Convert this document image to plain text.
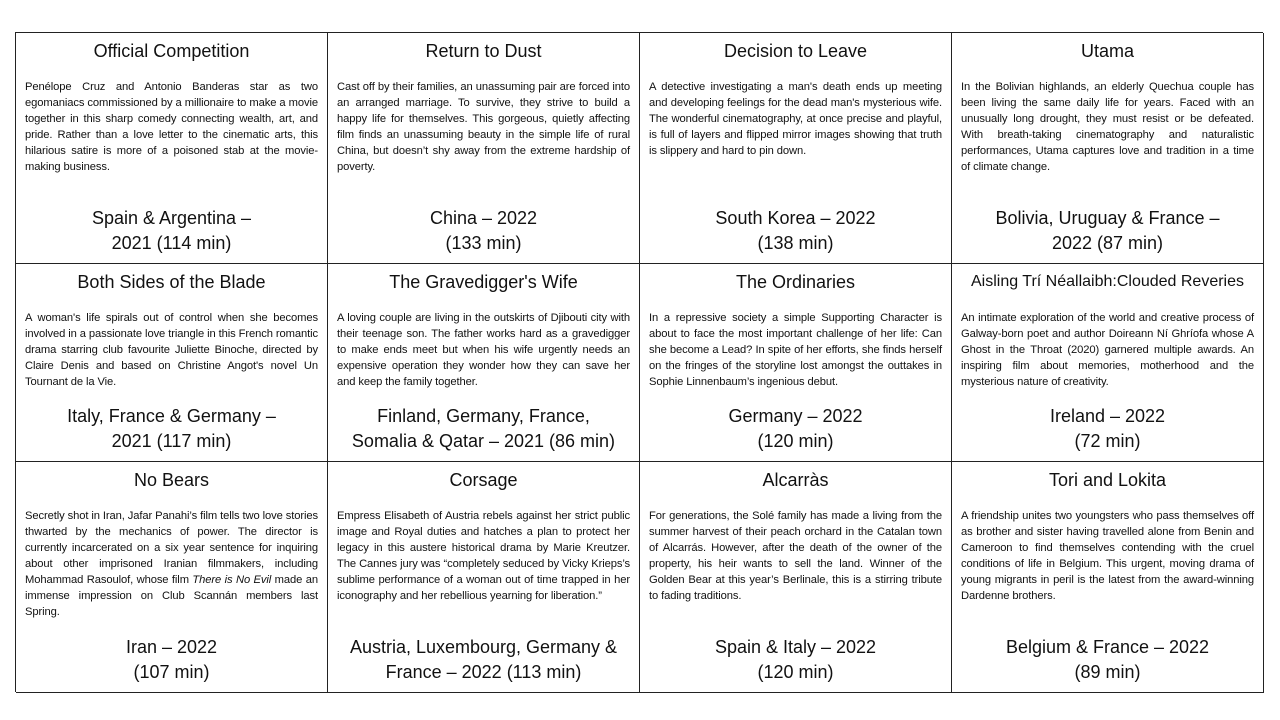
Official Competition
Penélope Cruz and Antonio Banderas star as two egomaniacs commissioned by a millionaire to make a movie together in this sharp comedy connecting wealth, art, and pride. Rather than a love letter to the cinematic arts, this hilarious satire is more of a poisoned stab at the movie-making business.
Spain & Argentina –
2021 (114 min)
Return to Dust
Cast off by their families, an unassuming pair are forced into an arranged marriage. To survive, they strive to build a happy life for themselves. This gorgeous, quietly affecting film finds an unassuming beauty in the simple life of rural China, but doesn’t shy away from the extreme hardship of poverty.
China – 2022
(133 min)
Decision to Leave
A detective investigating a man's death ends up meeting and developing feelings for the dead man's mysterious wife. The wonderful cinematography, at once precise and playful, is full of layers and flipped mirror images showing that truth is slippery and hard to pin down.
South Korea – 2022
(138 min)
Utama
In the Bolivian highlands, an elderly Quechua couple has been living the same daily life for years. Faced with an unusually long drought, they must resist or be defeated. With breath-taking cinematography and naturalistic performances, Utama captures love and tradition in a time of climate change.
Bolivia, Uruguay & France –
2022 (87 min)
Both Sides of the Blade
A woman's life spirals out of control when she becomes involved in a passionate love triangle in this French romantic drama starring club favourite Juliette Binoche, directed by Claire Denis and based on Christine Angot's novel Un Tournant de la Vie.
Italy, France & Germany –
2021 (117 min)
The Gravedigger's Wife
A loving couple are living in the outskirts of Djibouti city with their teenage son. The father works hard as a gravedigger to make ends meet but when his wife urgently needs an expensive operation they wonder how they can save her and keep the family together.
Finland, Germany, France,
Somalia & Qatar – 2021 (86 min)
The Ordinaries
In a repressive society a simple Supporting Character is about to face the most important challenge of her life: Can she become a Lead? In spite of her efforts, she finds herself on the fringes of the storyline lost amongst the outtakes in Sophie Linnenbaum’s ingenious debut.
Germany – 2022
(120 min)
Aisling Trí Néallaibh:Clouded Reveries
An intimate exploration of the world and creative process of Galway-born poet and author Doireann Ní Ghríofa whose A Ghost in the Throat (2020) garnered multiple awards. An inspiring film about memories, motherhood and the mysterious nature of creativity.
Ireland – 2022
(72 min)
No Bears
Secretly shot in Iran, Jafar Panahi’s film tells two love stories thwarted by the mechanics of power. The director is currently incarcerated on a six year sentence for inquiring about other imprisoned Iranian filmmakers, including Mohammad Rasoulof, whose film There is No Evil made an immense impression on Club Scannán members last Spring.
Iran – 2022
(107 min)
Corsage
Empress Elisabeth of Austria rebels against her strict public image and Royal duties and hatches a plan to protect her legacy in this austere historical drama by Marie Kreutzer. The Cannes jury was “completely seduced by Vicky Krieps’s sublime performance of a woman out of time trapped in her iconography and her rebellious yearning for liberation.”
Austria, Luxembourg, Germany &
France – 2022 (113 min)
Alcarràs
For generations, the Solé family has made a living from the summer harvest of their peach orchard in the Catalan town of Alcarrás. However, after the death of the owner of the property, his heir wants to sell the land. Winner of the Golden Bear at this year’s Berlinale, this is a stirring tribute to fading traditions.
Spain & Italy – 2022
(120 min)
Tori and Lokita
A friendship unites two youngsters who pass themselves off as brother and sister having travelled alone from Benin and Cameroon to find themselves contending with the cruel conditions of life in Belgium. This urgent, moving drama of young migrants in peril is the latest from the award-winning Dardenne brothers.
Belgium & France – 2022
(89 min)
